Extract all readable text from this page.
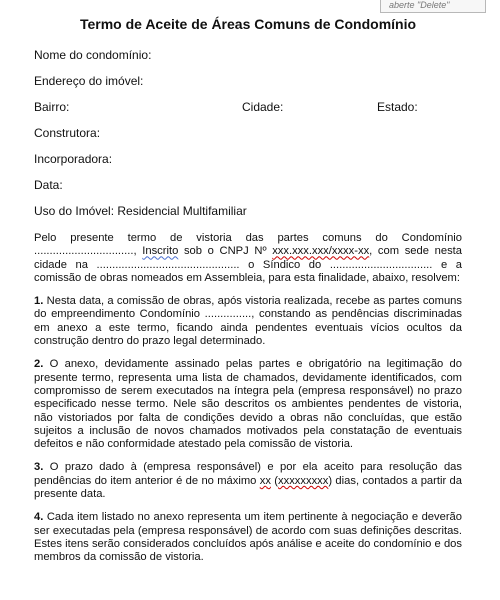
aberte "Delete"
Termo de Aceite de Áreas Comuns de Condomínio
Nome do condomínio:
Endereço do imóvel:
Bairro:	Cidade:	Estado:
Construtora:
Incorporadora:
Data:
Uso do Imóvel: Residencial Multifamiliar

Pelo presente termo de vistoria das partes comuns do Condomínio ................................, Inscrito sob o CNPJ Nº xxx.xxx.xxx/xxxx-xx, com sede nesta cidade na .............................................. o Síndico do ................................. e a comissão de obras nomeados em Assembleia, para esta finalidade, abaixo, resolvem:

1. Nesta data, a comissão de obras, após vistoria realizada, recebe as partes comuns do empreendimento Condomínio ..............., constando as pendências discriminadas em anexo a este termo, ficando ainda pendentes eventuais vícios ocultos da construção dentro do prazo legal determinado.

2. O anexo, devidamente assinado pelas partes e obrigatório na legitimação do presente termo, representa uma lista de chamados, devidamente identificados, com compromisso de serem executados na íntegra pela (empresa responsável) no prazo especificado nesse termo. Nele são descritos os ambientes pendentes de vistoria, não vistoriados por falta de condições devido a obras não concluídas, que estão sujeitos a inclusão de novos chamados motivados pela constatação de eventuais defeitos e não conformidade atestado pela comissão de vistoria.

3. O prazo dado à (empresa responsável) e por ela aceito para resolução das pendências do item anterior é de no máximo xx (xxxxxxxxx) dias, contados a partir da presente data.

4. Cada item listado no anexo representa um item pertinente à negociação e deverão ser executadas pela (empresa responsável) de acordo com suas definições descritas. Estes itens serão considerados concluídos após análise e aceite do condomínio e dos membros da comissão de vistoria.
